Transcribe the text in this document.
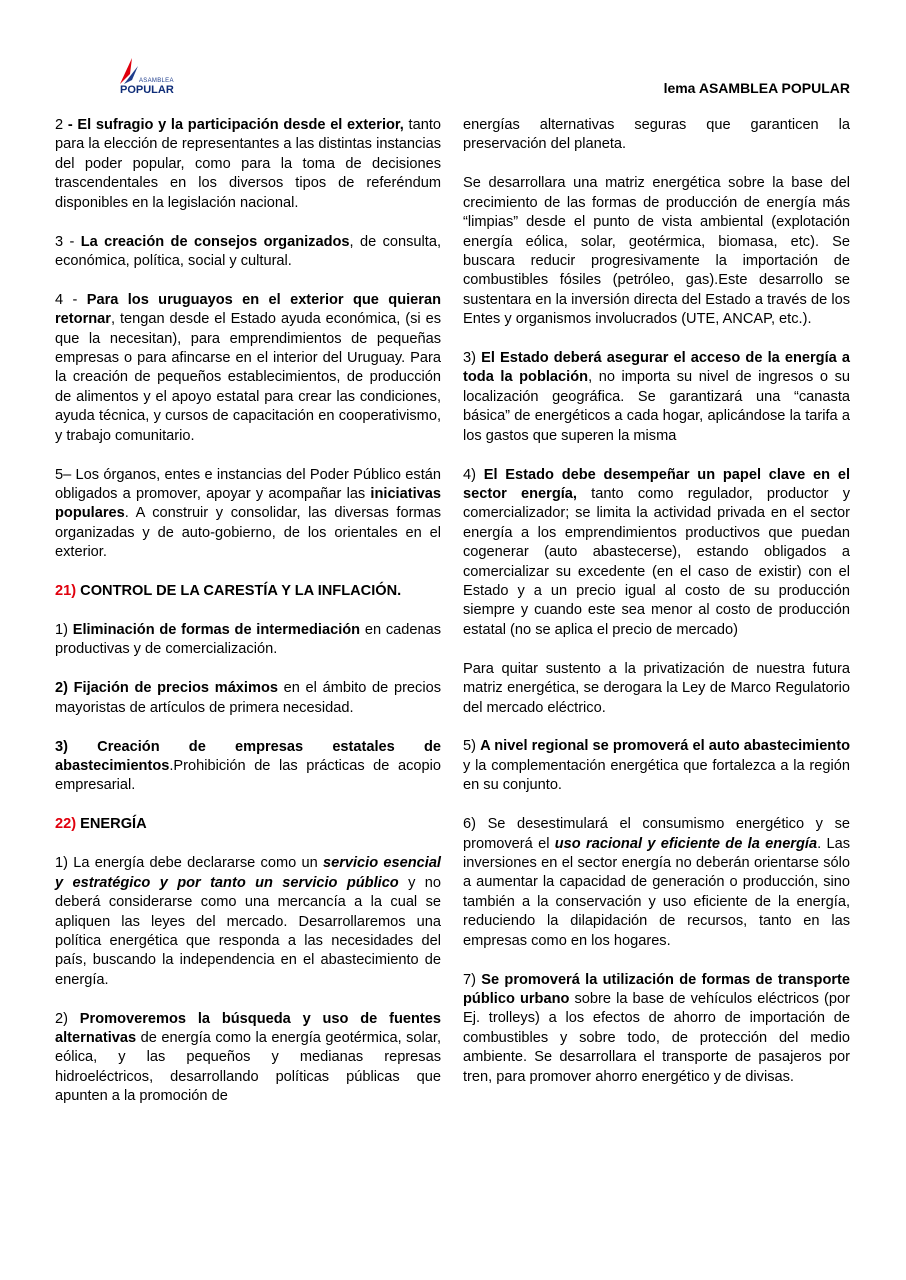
ASAMBLEA
POPULAR	lema ASAMBLEA POPULAR

2 - El sufragio y la participación desde el exterior, tanto para la elección de representantes a las distintas instancias del poder popular, como para la toma de decisiones trascendentales en los diversos tipos de referéndum disponibles en la legislación nacional.

3 - La creación de consejos organizados, de consulta, económica, política, social y cultural.

4 - Para los uruguayos en el exterior que quieran retornar, tengan desde el Estado ayuda económica, (si es que la necesitan), para emprendimientos de pequeñas empresas o para afincarse en el interior del Uruguay. Para la creación de pequeños establecimientos, de producción de alimentos y el apoyo estatal para crear las condiciones, ayuda técnica, y cursos de capacitación en cooperativismo, y trabajo comunitario.

5– Los órganos, entes e instancias del Poder Público están obligados a promover, apoyar y acompañar las iniciativas populares. A construir y consolidar, las diversas formas organizadas y de auto-gobierno, de los orientales en el exterior.

21) CONTROL DE LA CARESTÍA Y LA INFLACIÓN.

1) Eliminación de formas de intermediación en cadenas productivas y de comercialización.

2) Fijación de precios máximos en el ámbito de precios mayoristas de artículos de primera necesidad.

3) Creación de empresas estatales de abastecimientos.Prohibición de las prácticas de acopio empresarial.

22) ENERGÍA

1) La energía debe declararse como un servicio esencial y estratégico y por tanto un servicio público y no deberá considerarse como una mercancía a la cual se apliquen las leyes del mercado. Desarrollaremos una política energética que responda a las necesidades del país, buscando la independencia en el abastecimiento de energía.

2) Promoveremos la búsqueda y uso de fuentes alternativas de energía como la energía geotérmica, solar, eólica, y las pequeños y medianas represas hidroeléctricos, desarrollando políticas públicas que apunten a la promoción de

energías alternativas seguras que garanticen la preservación del planeta.

Se desarrollara una matriz energética sobre la base del crecimiento de las formas de producción de energía más “limpias” desde el punto de vista ambiental (explotación energía eólica, solar, geotérmica, biomasa, etc). Se buscara reducir progresivamente la importación de combustibles fósiles (petróleo, gas).Este desarrollo se sustentara en la inversión directa del Estado a través de los Entes y organismos involucrados (UTE, ANCAP, etc.).

3) El Estado deberá asegurar el acceso de la energía a toda la población, no importa su nivel de ingresos o su localización geográfica. Se garantizará una “canasta básica” de energéticos a cada hogar, aplicándose la tarifa a los gastos que superen la misma

4) El Estado debe desempeñar un papel clave en el sector energía, tanto como regulador, productor y comercializador; se limita la actividad privada en el sector energía a los emprendimientos productivos que puedan cogenerar (auto abastecerse), estando obligados a comercializar su excedente (en el caso de existir) con el Estado y a un precio igual al costo de su producción siempre y cuando este sea menor al costo de producción estatal (no se aplica el precio de mercado)

Para quitar sustento a la privatización de nuestra futura matriz energética, se derogara la Ley de Marco Regulatorio del mercado eléctrico.

5) A nivel regional se promoverá el auto abastecimiento y la complementación energética que fortalezca a la región en su conjunto.

6) Se desestimulará el consumismo energético y se promoverá el uso racional y eficiente de la energía. Las inversiones en el sector energía no deberán orientarse sólo a aumentar la capacidad de generación o producción, sino también a la conservación y uso eficiente de la energía, reduciendo la dilapidación de recursos, tanto en las empresas como en los hogares.

7) Se promoverá la utilización de formas de transporte público urbano sobre la base de vehículos eléctricos (por Ej. trolleys) a los efectos de ahorro de importación de combustibles y sobre todo, de protección del medio ambiente. Se desarrollara el transporte de pasajeros por tren, para promover ahorro energético y de divisas.
